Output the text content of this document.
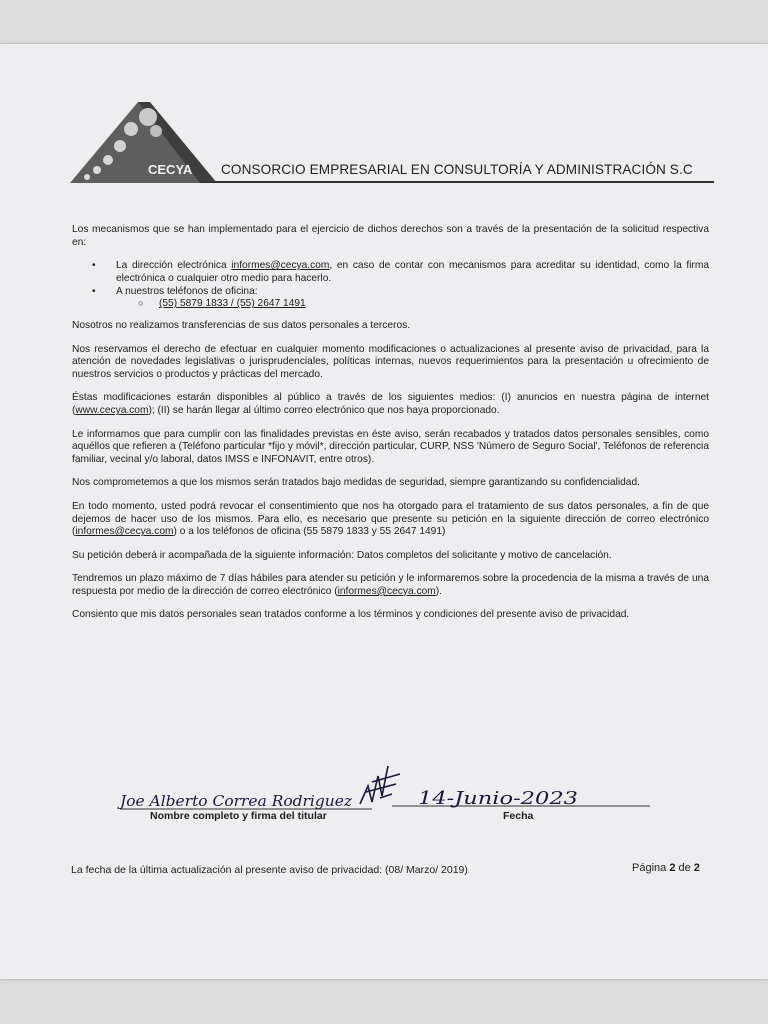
CECYA CONSORCIO EMPRESARIAL EN CONSULTORÍA Y ADMINISTRACIÓN S.C

Los mecanismos que se han implementado para el ejercicio de dichos derechos son a través de la presentación de la solicitud respectiva en:

• La dirección electrónica informes@cecya.com, en caso de contar con mecanismos para acreditar su identidad, como la firma electrónica o cualquier otro medio para hacerlo.
• A nuestros teléfonos de oficina:
○ (55) 5879 1833 / (55) 2647 1491

Nosotros no realizamos transferencias de sus datos personales a terceros.

Nos reservamos el derecho de efectuar en cualquier momento modificaciones o actualizaciones al presente aviso de privacidad, para la atención de novedades legislativas o jurisprudenciales, políticas internas, nuevos requerimientos para la presentación u ofrecimiento de nuestros servicios o productos y prácticas del mercado.

Éstas modificaciones estarán disponibles al público a través de los siguientes medios: (I) anuncios en nuestra página de internet (www.cecya.com); (II) se harán llegar al último correo electrónico que nos haya proporcionado.

Le informamos que para cumplir con las finalidades previstas en éste aviso, serán recabados y tratados datos personales sensibles, como aquéllos que refieren a (Teléfono particular *fijo y móvil*, dirección particular, CURP, NSS 'Número de Seguro Social', Teléfonos de referencia familiar, vecinal y/o laboral, datos IMSS e INFONAVIT, entre otros).

Nos comprometemos a que los mismos serán tratados bajo medidas de seguridad, siempre garantizando su confidencialidad.

En todo momento, usted podrá revocar el consentimiento que nos ha otorgado para el tratamiento de sus datos personales, a fin de que dejemos de hacer uso de los mismos. Para ello, es necesario que presente su petición en la siguiente dirección de correo electrónico (informes@cecya.com) o a los teléfonos de oficina (55 5879 1833 y 55 2647 1491)

Su petición deberá ir acompañada de la siguiente información: Datos completos del solicitante y motivo de cancelación.

Tendremos un plazo máximo de 7 días hábiles para atender su petición y le informaremos sobre la procedencia de la misma a través de una respuesta por medio de la dirección de correo electrónico (informes@cecya.com).

Consiento que mis datos personales sean tratados conforme a los términos y condiciones del presente aviso de privacidad.

Joe Alberto Correa Rodriguez	14-Junio-2023
Nombre completo y firma del titular	Fecha
La fecha de la última actualización al presente aviso de privacidad: (08/ Marzo/ 2019)	Página 2 de 2
